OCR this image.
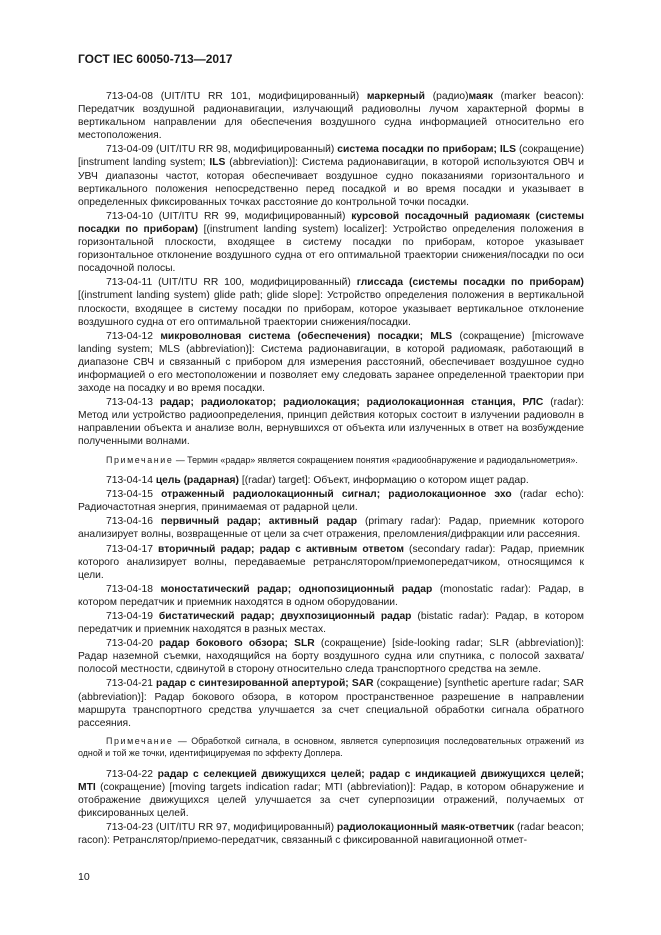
ГОСТ IEC 60050-713—2017

713-04-08 (UIT/ITU RR 101, модифицированный) маркерный (радио)маяк (marker beacon): Передатчик воздушной радионавигации, излучающий радиоволны лучом характерной формы в вертикальном направлении для обеспечения воздушного судна информацией относительно его местоположения.

713-04-09 (UIT/ITU RR 98, модифицированный) система посадки по приборам; ILS (сокращение) [instrument landing system; ILS (abbreviation)]: Система радионавигации, в которой используются ОВЧ и УВЧ диапазоны частот, которая обеспечивает воздушное судно показаниями горизонтального и вертикального положения непосредственно перед посадкой и во время посадки и указывает в определенных фиксированных точках расстояние до контрольной точки посадки.

713-04-10 (UIT/ITU RR 99, модифицированный) курсовой посадочный радиомаяк (системы посадки по приборам) [(instrument landing system) localizer]: Устройство определения положения в горизонтальной плоскости, входящее в систему посадки по приборам, которое указывает горизонтальное отклонение воздушного судна от его оптимальной траектории снижения/посадки по оси посадочной полосы.

713-04-11 (UIT/ITU RR 100, модифицированный) глиссада (системы посадки по приборам) [(instrument landing system) glide path; glide slope]: Устройство определения положения в вертикальной плоскости, входящее в систему посадки по приборам, которое указывает вертикальное отклонение воздушного судна от его оптимальной траектории снижения/посадки.

713-04-12 микроволновая система (обеспечения) посадки; MLS (сокращение) [microwave landing system; MLS (abbreviation)]: Система радионавигации, в которой радиомаяк, работающий в диапазоне СВЧ и связанный с прибором для измерения расстояний, обеспечивает воздушное судно информацией о его местоположении и позволяет ему следовать заранее определенной траектории при заходе на посадку и во время посадки.

713-04-13 радар; радиолокатор; радиолокация; радиолокационная станция, РЛС (radar): Метод или устройство радиоопределения, принцип действия которых состоит в излучении радиоволн в направлении объекта и анализе волн, вернувшихся от объекта или излученных в ответ на возбуждение полученными волнами.

Примечание — Термин «радар» является сокращением понятия «радиообнаружение и радиодальнометрия».

713-04-14 цель (радарная) [(radar) target]: Объект, информацию о котором ищет радар.

713-04-15 отраженный радиолокационный сигнал; радиолокационное эхо (radar echo): Радиочастотная энергия, принимаемая от радарной цели.

713-04-16 первичный радар; активный радар (primary radar): Радар, приемник которого анализирует волны, возвращенные от цели за счет отражения, преломления/дифракции или рассеяния.

713-04-17 вторичный радар; радар с активным ответом (secondary radar): Радар, приемник которого анализирует волны, передаваемые ретранслятором/приемопередатчиком, относящимся к цели.

713-04-18 моностатический радар; однопозиционный радар (monostatic radar): Радар, в котором передатчик и приемник находятся в одном оборудовании.

713-04-19 бистатический радар; двухпозиционный радар (bistatic radar): Радар, в котором передатчик и приемник находятся в разных местах.

713-04-20 радар бокового обзора; SLR (сокращение) [side-looking radar; SLR (abbreviation)]: Радар наземной съемки, находящийся на борту воздушного судна или спутника, с полосой захвата/полосой местности, сдвинутой в сторону относительно следа транспортного средства на земле.

713-04-21 радар с синтезированной апертурой; SAR (сокращение) [synthetic aperture radar; SAR (abbreviation)]: Радар бокового обзора, в котором пространственное разрешение в направлении маршрута транспортного средства улучшается за счет специальной обработки сигнала обратного рассеяния.

Примечание — Обработкой сигнала, в основном, является суперпозиция последовательных отражений из одной и той же точки, идентифицируемая по эффекту Доплера.

713-04-22 радар с селекцией движущихся целей; радар с индикацией движущихся целей; MTI (сокращение) [moving targets indication radar; MTI (abbreviation)]: Радар, в котором обнаружение и отображение движущихся целей улучшается за счет суперпозиции отражений, получаемых от фиксированных целей.

713-04-23 (UIT/ITU RR 97, модифицированный) радиолокационный маяк-ответчик (radar beacon; racon): Ретранслятор/приемо-передатчик, связанный с фиксированной навигационной отмет-

10
